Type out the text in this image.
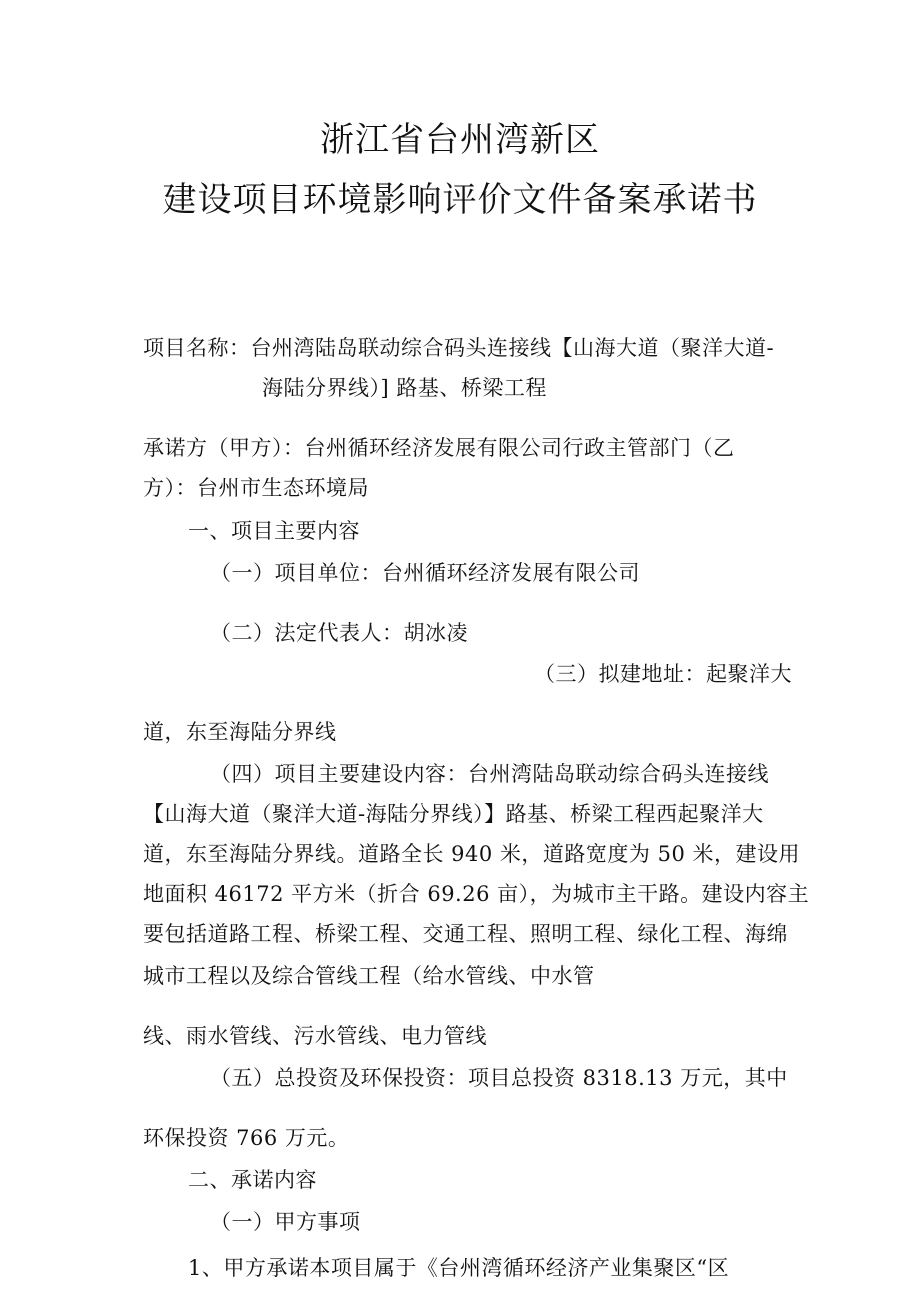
浙江省台州湾新区
建设项目环境影响评价文件备案承诺书
项目名称：台州湾陆岛联动综合码头连接线【山海大道（聚洋大道-
海陆分界线）] 路基、桥梁工程
承诺方（甲方）：台州循环经济发展有限公司行政主管部门（乙
方）：台州市生态环境局
一、项目主要内容
（一）项目单位：台州循环经济发展有限公司
（二）法定代表人：胡冰凌
（三）拟建地址：起聚洋大
道，东至海陆分界线
（四）项目主要建设内容：台州湾陆岛联动综合码头连接线
【山海大道（聚洋大道-海陆分界线）】路基、桥梁工程西起聚洋大
道，东至海陆分界线。道路全长 940 米，道路宽度为 50 米，建设用
地面积 46172 平方米（折合 69.26 亩），为城市主干路。建设内容主
要包括道路工程、桥梁工程、交通工程、照明工程、绿化工程、海绵
城市工程以及综合管线工程（给水管线、中水管
线、雨水管线、污水管线、电力管线
（五）总投资及环保投资：项目总投资 8318.13 万元，其中
环保投资 766 万元。
二、承诺内容
（一）甲方事项
1、甲方承诺本项目属于《台州湾循环经济产业集聚区“区
